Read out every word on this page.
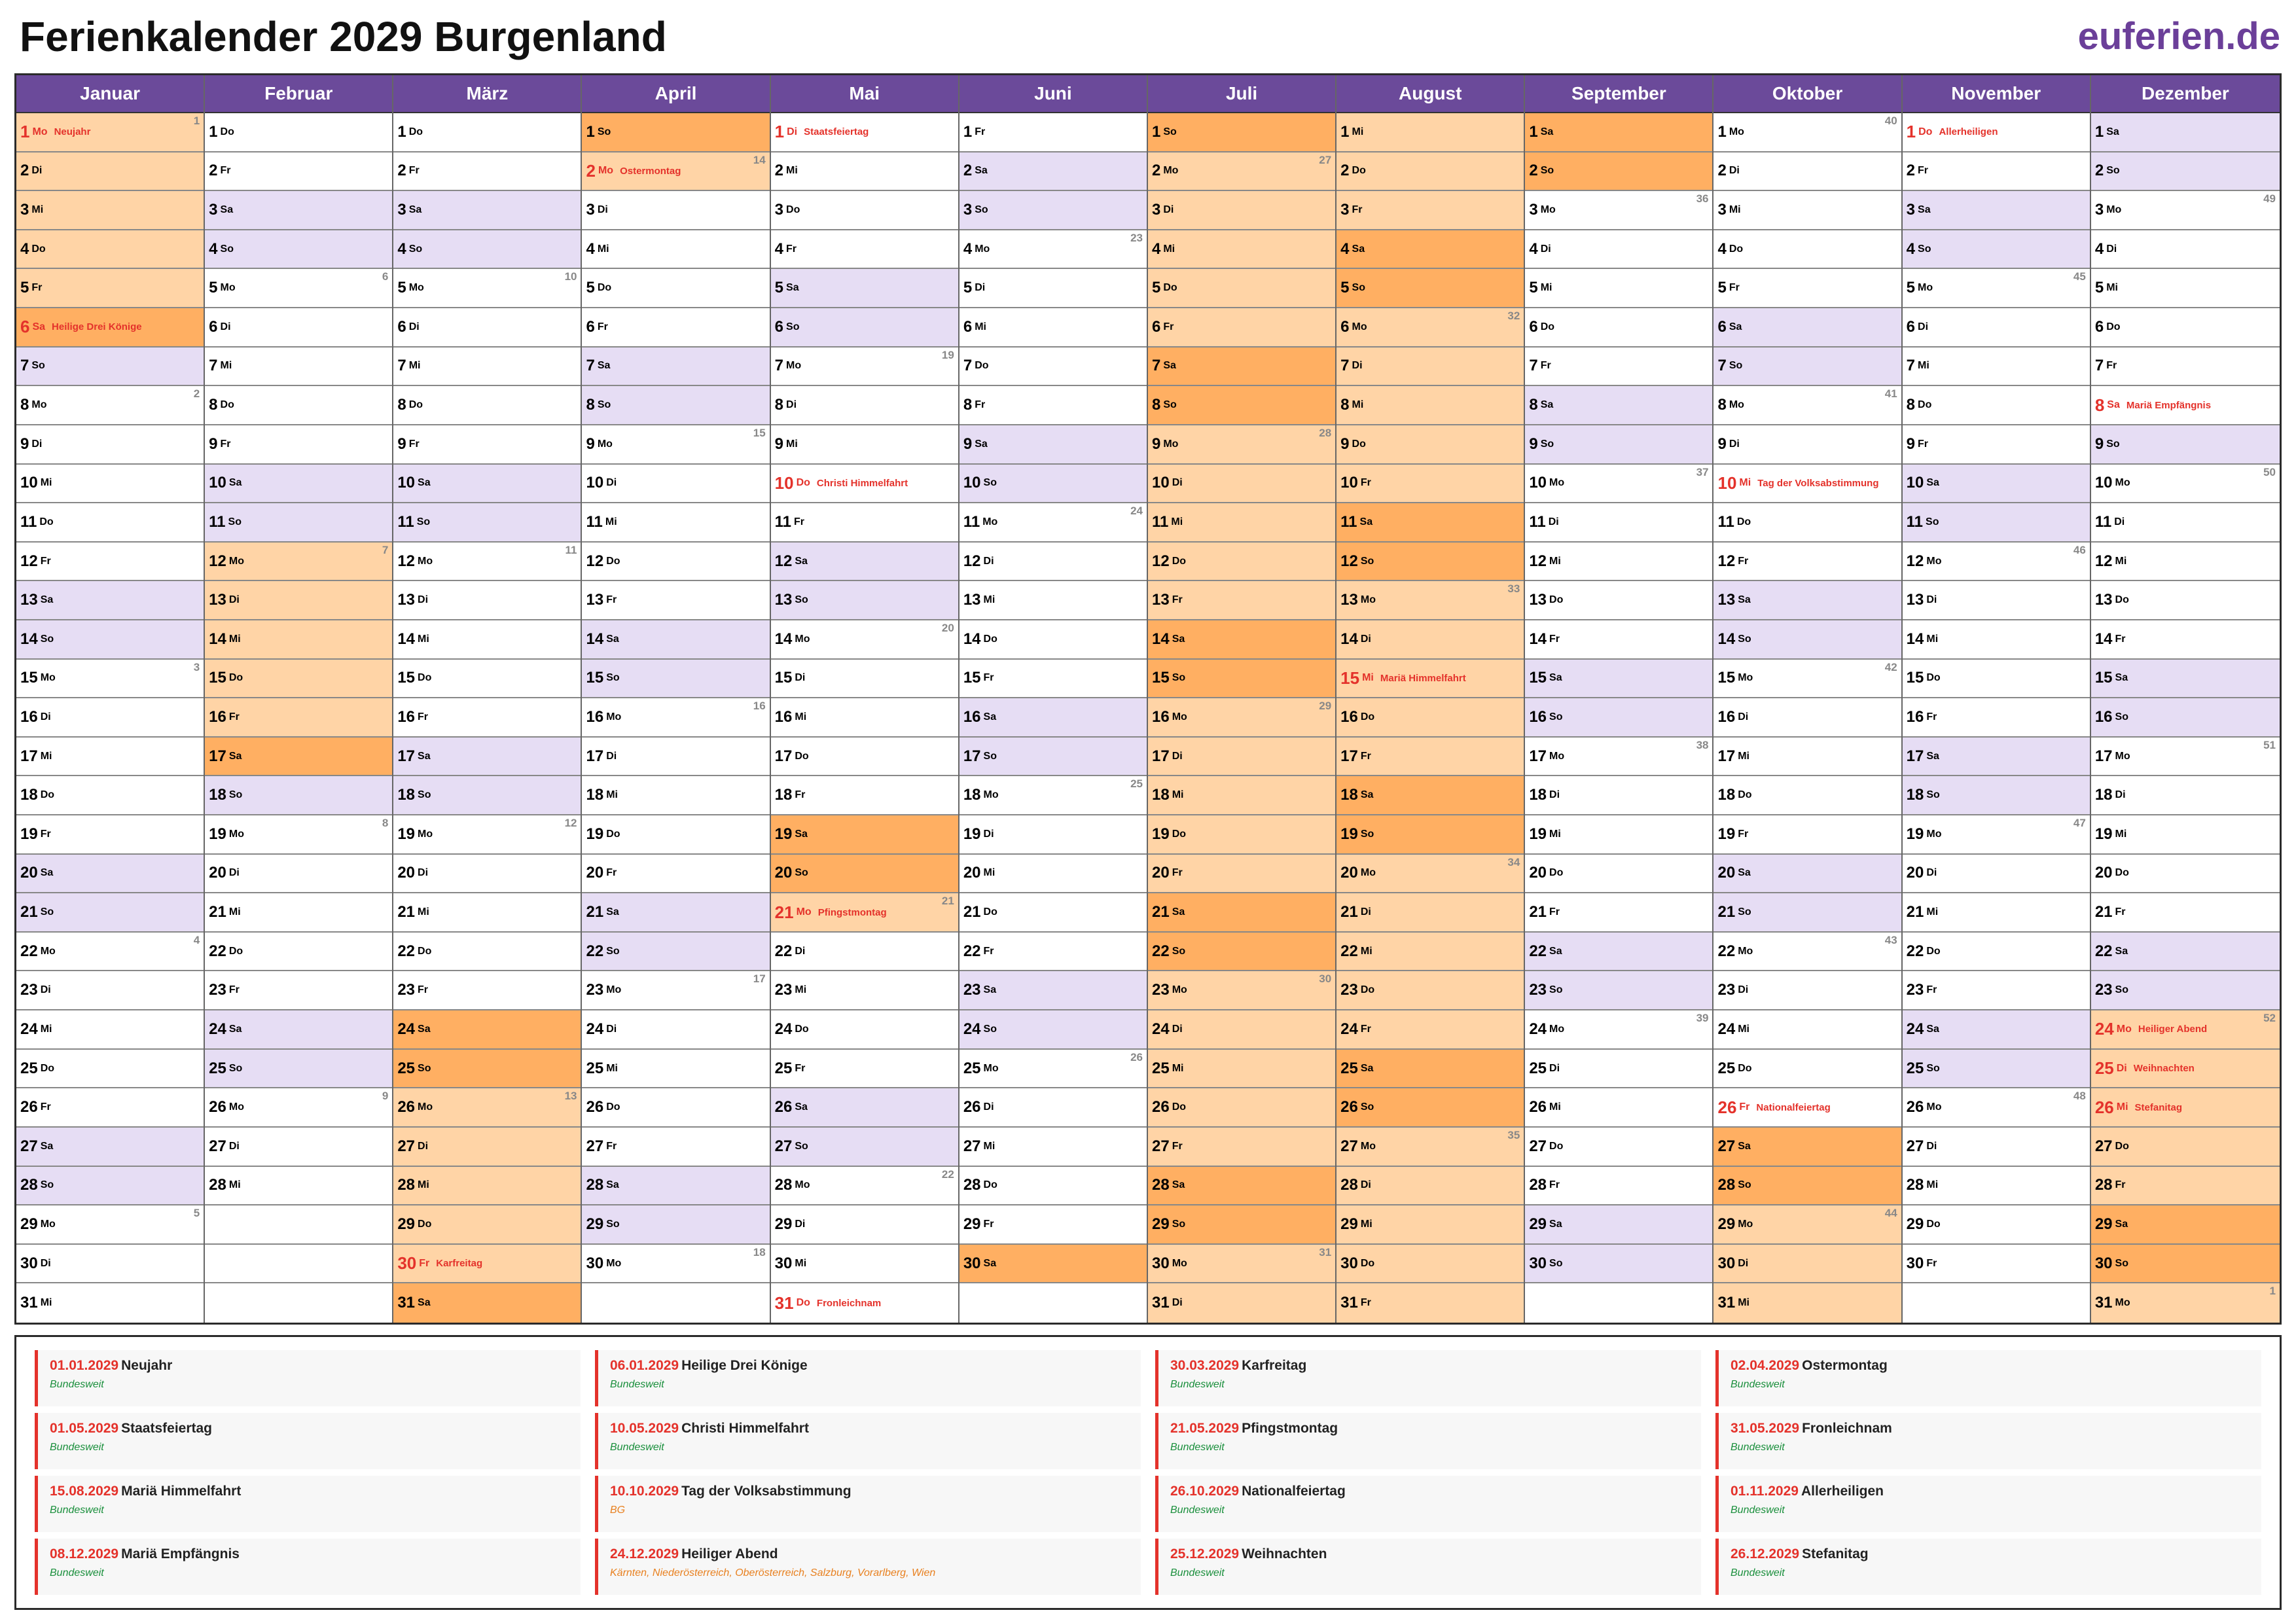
Ferienkalender 2029 Burgenland	euferien.de
Januar
1 Mo Neujahr
1
2 Di
3 Mi
4 Do
5 Fr
6 Sa Heilige Drei Könige
7 So
8 Mo
2
9 Di
10 Mi
11 Do
12 Fr
13 Sa
14 So
15 Mo
3
16 Di
17 Mi
18 Do
19 Fr
20 Sa
21 So
22 Mo
4
23 Di
24 Mi
25 Do
26 Fr
27 Sa
28 So
29 Mo
5
30 Di
31 Mi
Februar
1 Do
2 Fr
3 Sa
4 So
5 Mo
6
6 Di
7 Mi
8 Do
9 Fr
10 Sa
11 So
12 Mo
7
13 Di
14 Mi
15 Do
16 Fr
17 Sa
18 So
19 Mo
8
20 Di
21 Mi
22 Do
23 Fr
24 Sa
25 So
26 Mo
9
27 Di
28 Mi
März
1 Do
2 Fr
3 Sa
4 So
5 Mo
10
6 Di
7 Mi
8 Do
9 Fr
10 Sa
11 So
12 Mo
11
13 Di
14 Mi
15 Do
16 Fr
17 Sa
18 So
19 Mo
12
20 Di
21 Mi
22 Do
23 Fr
24 Sa
25 So
26 Mo
13
27 Di
28 Mi
29 Do
30 Fr Karfreitag
31 Sa
April
1 So
2 Mo Ostermontag
14
3 Di
4 Mi
5 Do
6 Fr
7 Sa
8 So
9 Mo
15
10 Di
11 Mi
12 Do
13 Fr
14 Sa
15 So
16 Mo
16
17 Di
18 Mi
19 Do
20 Fr
21 Sa
22 So
23 Mo
17
24 Di
25 Mi
26 Do
27 Fr
28 Sa
29 So
30 Mo
18
Mai
1 Di Staatsfeiertag
2 Mi
3 Do
4 Fr
5 Sa
6 So
7 Mo
19
8 Di
9 Mi
10 Do Christi Himmelfahrt
11 Fr
12 Sa
13 So
14 Mo
20
15 Di
16 Mi
17 Do
18 Fr
19 Sa
20 So
21 Mo Pfingstmontag
21
22 Di
23 Mi
24 Do
25 Fr
26 Sa
27 So
28 Mo
22
29 Di
30 Mi
31 Do Fronleichnam
Juni
1 Fr
2 Sa
3 So
4 Mo
23
5 Di
6 Mi
7 Do
8 Fr
9 Sa
10 So
11 Mo
24
12 Di
13 Mi
14 Do
15 Fr
16 Sa
17 So
18 Mo
25
19 Di
20 Mi
21 Do
22 Fr
23 Sa
24 So
25 Mo
26
26 Di
27 Mi
28 Do
29 Fr
30 Sa
Juli
1 So
2 Mo
27
3 Di
4 Mi
5 Do
6 Fr
7 Sa
8 So
9 Mo
28
10 Di
11 Mi
12 Do
13 Fr
14 Sa
15 So
16 Mo
29
17 Di
18 Mi
19 Do
20 Fr
21 Sa
22 So
23 Mo
30
24 Di
25 Mi
26 Do
27 Fr
28 Sa
29 So
30 Mo
31
31 Di
August
1 Mi
2 Do
3 Fr
4 Sa
5 So
6 Mo
32
7 Di
8 Mi
9 Do
10 Fr
11 Sa
12 So
13 Mo
33
14 Di
15 Mi Mariä Himmelfahrt
16 Do
17 Fr
18 Sa
19 So
20 Mo
34
21 Di
22 Mi
23 Do
24 Fr
25 Sa
26 So
27 Mo
35
28 Di
29 Mi
30 Do
31 Fr
September
1 Sa
2 So
3 Mo
36
4 Di
5 Mi
6 Do
7 Fr
8 Sa
9 So
10 Mo
37
11 Di
12 Mi
13 Do
14 Fr
15 Sa
16 So
17 Mo
38
18 Di
19 Mi
20 Do
21 Fr
22 Sa
23 So
24 Mo
39
25 Di
26 Mi
27 Do
28 Fr
29 Sa
30 So
Oktober
1 Mo
40
2 Di
3 Mi
4 Do
5 Fr
6 Sa
7 So
8 Mo
41
9 Di
10 Mi Tag der Volksabstimmung
11 Do
12 Fr
13 Sa
14 So
15 Mo
42
16 Di
17 Mi
18 Do
19 Fr
20 Sa
21 So
22 Mo
43
23 Di
24 Mi
25 Do
26 Fr Nationalfeiertag
27 Sa
28 So
29 Mo
44
30 Di
31 Mi
November
1 Do Allerheiligen
2 Fr
3 Sa
4 So
5 Mo
45
6 Di
7 Mi
8 Do
9 Fr
10 Sa
11 So
12 Mo
46
13 Di
14 Mi
15 Do
16 Fr
17 Sa
18 So
19 Mo
47
20 Di
21 Mi
22 Do
23 Fr
24 Sa
25 So
26 Mo
48
27 Di
28 Mi
29 Do
30 Fr
Dezember
1 Sa
2 So
3 Mo
49
4 Di
5 Mi
6 Do
7 Fr
8 Sa Mariä Empfängnis
9 So
10 Mo
50
11 Di
12 Mi
13 Do
14 Fr
15 Sa
16 So
17 Mo
51
18 Di
19 Mi
20 Do
21 Fr
22 Sa
23 So
24 Mo Heiliger Abend
52
25 Di Weihnachten
26 Mi Stefanitag
27 Do
28 Fr
29 Sa
30 So
31 Mo
1
01.01.2029 Neujahr
Bundesweit
06.01.2029 Heilige Drei Könige
Bundesweit
30.03.2029 Karfreitag
Bundesweit
02.04.2029 Ostermontag
Bundesweit
01.05.2029 Staatsfeiertag
Bundesweit
10.05.2029 Christi Himmelfahrt
Bundesweit
21.05.2029 Pfingstmontag
Bundesweit
31.05.2029 Fronleichnam
Bundesweit
15.08.2029 Mariä Himmelfahrt
Bundesweit
10.10.2029 Tag der Volksabstimmung
BG
26.10.2029 Nationalfeiertag
Bundesweit
01.11.2029 Allerheiligen
Bundesweit
08.12.2029 Mariä Empfängnis
Bundesweit
24.12.2029 Heiliger Abend
Kärnten, Niederösterreich, Oberösterreich, Salzburg, Vorarlberg, Wien
25.12.2029 Weihnachten
Bundesweit
26.12.2029 Stefanitag
Bundesweit
